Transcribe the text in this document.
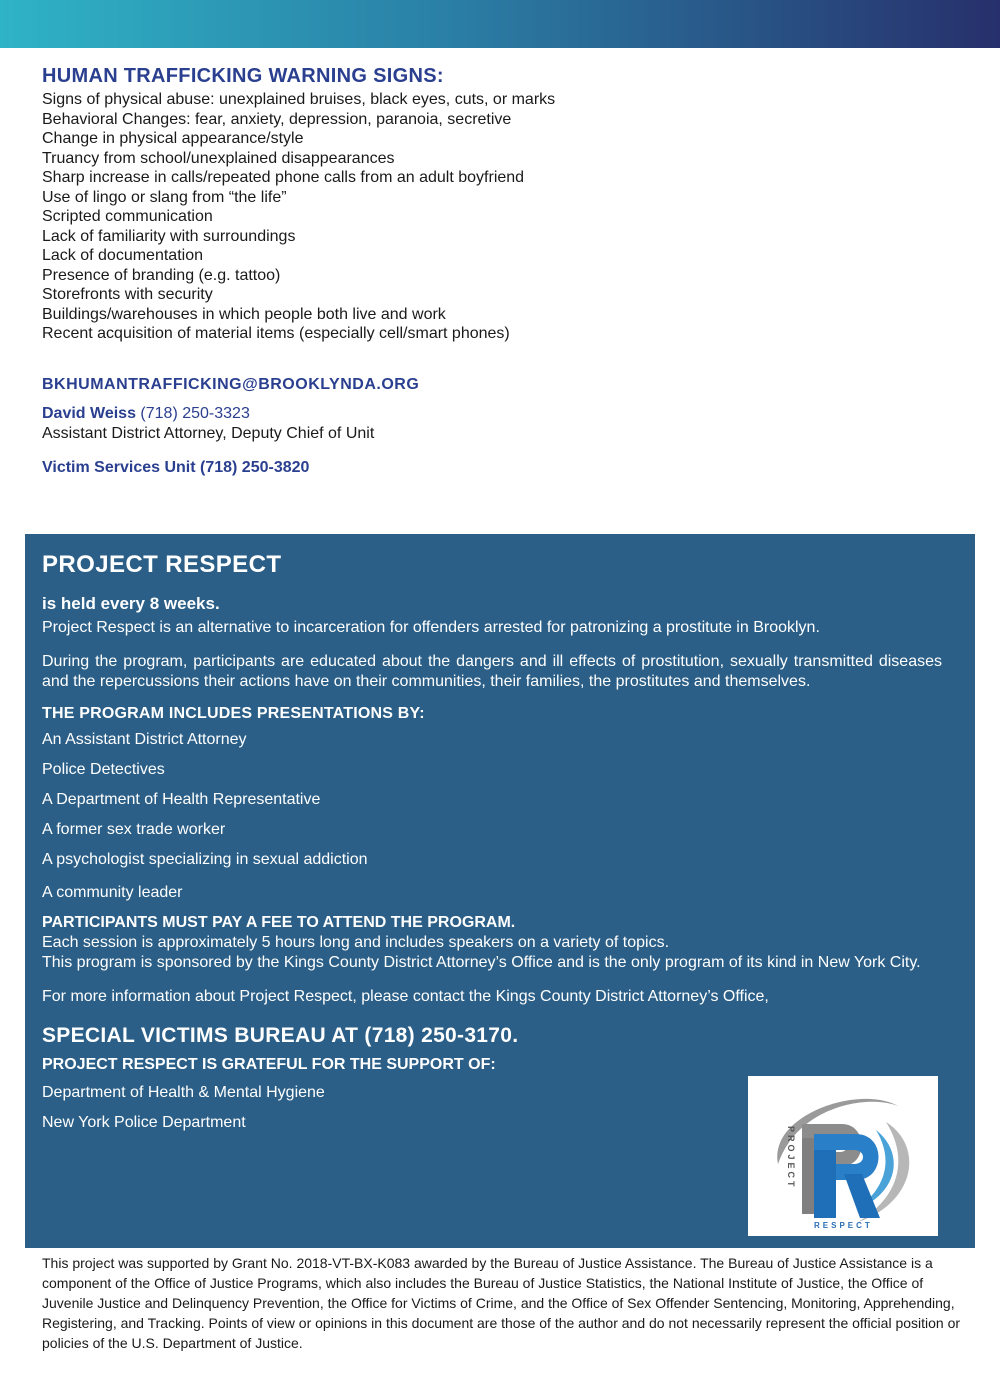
HUMAN TRAFFICKING WARNING SIGNS:
Signs of physical abuse: unexplained bruises, black eyes, cuts, or marks
Behavioral Changes: fear, anxiety, depression, paranoia, secretive
Change in physical appearance/style
Truancy from school/unexplained disappearances
Sharp increase in calls/repeated phone calls from an adult boyfriend
Use of lingo or slang from “the life”
Scripted communication
Lack of familiarity with surroundings
Lack of documentation
Presence of branding (e.g. tattoo)
Storefronts with security
Buildings/warehouses in which people both live and work
Recent acquisition of material items (especially cell/smart phones)
BKHUMANTRAFFICKING@BROOKLYNDA.ORG
David Weiss (718) 250-3323
Assistant District Attorney, Deputy Chief of Unit
Victim Services Unit (718) 250-3820
PROJECT RESPECT
is held every 8 weeks.
Project Respect is an alternative to incarceration for offenders arrested for patronizing a prostitute in Brooklyn.
During the program, participants are educated about the dangers and ill effects of prostitution, sexually transmitted diseases and the repercussions their actions have on their communities, their families, the prostitutes and themselves.
THE PROGRAM INCLUDES PRESENTATIONS BY:
An Assistant District Attorney
Police Detectives
A Department of Health Representative
A former sex trade worker
A psychologist specializing in sexual addiction
A community leader
PARTICIPANTS MUST PAY A FEE TO ATTEND THE PROGRAM.
Each session is approximately 5 hours long and includes speakers on a variety of topics.
This program is sponsored by the Kings County District Attorney’s Office and is the only program of its kind in New York City.
For more information about Project Respect, please contact the Kings County District Attorney’s Office,
SPECIAL VICTIMS BUREAU AT (718) 250-3170.
PROJECT RESPECT IS GRATEFUL FOR THE SUPPORT OF:
Department of Health & Mental Hygiene
New York Police Department
PROJECT
RESPECT
This project was supported by Grant No. 2018-VT-BX-K083 awarded by the Bureau of Justice Assistance. The Bureau of Justice Assistance is a component of the Office of Justice Programs, which also includes the Bureau of Justice Statistics, the National Institute of Justice, the Office of Juvenile Justice and Delinquency Prevention, the Office for Victims of Crime, and the Office of Sex Offender Sentencing, Monitoring, Apprehending, Registering, and Tracking. Points of view or opinions in this document are those of the author and do not necessarily represent the official position or policies of the U.S. Department of Justice.
